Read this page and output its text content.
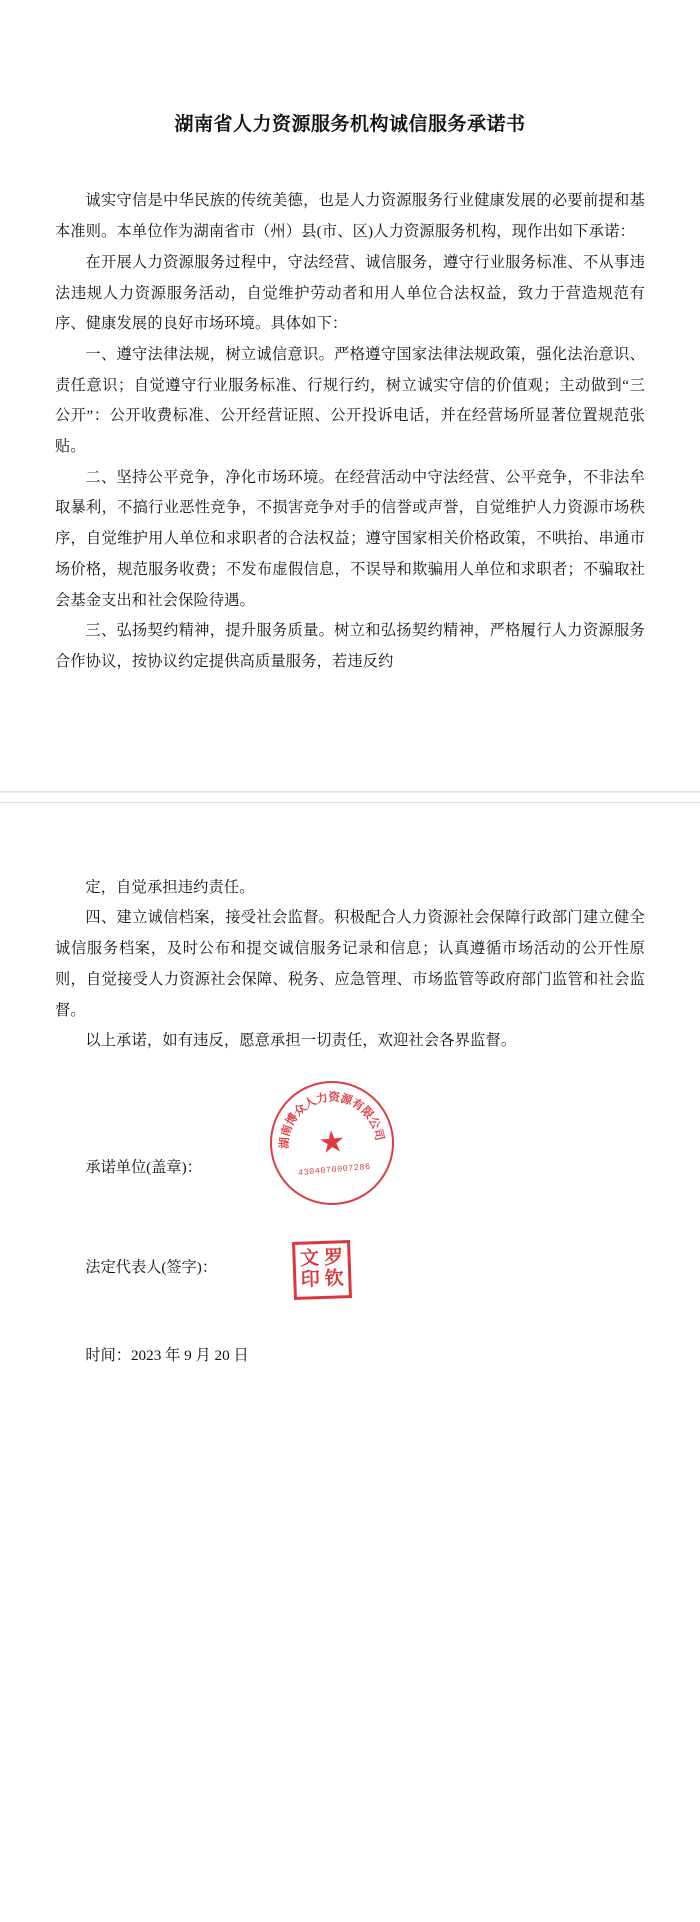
湖南省人力资源服务机构诚信服务承诺书

诚实守信是中华民族的传统美德，也是人力资源服务行业健康发展的必要前提和基本准则。本单位作为湖南省市（州）县(市、区)人力资源服务机构，现作出如下承诺：

在开展人力资源服务过程中，守法经营、诚信服务，遵守行业服务标准、不从事违法违规人力资源服务活动，自觉维护劳动者和用人单位合法权益，致力于营造规范有序、健康发展的良好市场环境。具体如下：

一、遵守法律法规，树立诚信意识。严格遵守国家法律法规政策，强化法治意识、责任意识；自觉遵守行业服务标准、行规行约，树立诚实守信的价值观；主动做到“三公开”：公开收费标准、公开经营证照、公开投诉电话，并在经营场所显著位置规范张贴。

二、坚持公平竞争，净化市场环境。在经营活动中守法经营、公平竞争，不非法牟取暴利，不搞行业恶性竞争，不损害竞争对手的信誉或声誉，自觉维护人力资源市场秩序，自觉维护用人单位和求职者的合法权益；遵守国家相关价格政策，不哄抬、串通市场价格，规范服务收费；不发布虚假信息，不误导和欺骗用人单位和求职者；不骗取社会基金支出和社会保险待遇。

三、弘扬契约精神，提升服务质量。树立和弘扬契约精神，严格履行人力资源服务合作协议，按协议约定提供高质量服务，若违反约

定，自觉承担违约责任。

四、建立诚信档案，接受社会监督。积极配合人力资源社会保障行政部门建立健全诚信服务档案，及时公布和提交诚信服务记录和信息；认真遵循市场活动的公开性原则，自觉接受人力资源社会保障、税务、应急管理、市场监管等政府部门监管和社会监督。

以上承诺，如有违反，愿意承担一切责任，欢迎社会各界监督。

湖南博众人力资源有限公司
★
4304070007286
文 罗
印 钦

承诺单位(盖章)：

法定代表人(签字)：

时间：2023 年 9 月 20 日
